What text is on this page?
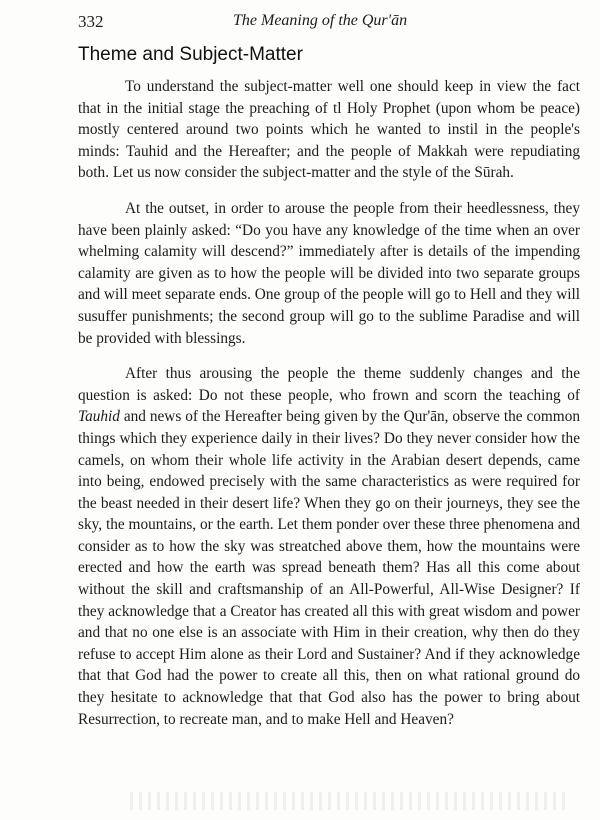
332	The Meaning of the Qur'ān
Theme and Subject-Matter

To understand the subject-matter well one should keep in view the fact that in the initial stage the preaching of tl Holy Prophet (upon whom be peace) mostly centered around two points which he wanted to instil in the people's minds: Tauhid and the Hereafter; and the people of Makkah were repudiating both. Let us now consider the subject-matter and the style of the Sūrah.

At the outset, in order to arouse the people from their heedlessness, they have been plainly asked: “Do you have any knowledge of the time when an over whelming calamity will descend?” immediately after is details of the impending calamity are given as to how the people will be divided into two separate groups and will meet separate ends. One group of the people will go to Hell and they will susuffer punishments; the second group will go to the sublime Paradise and will be provided with blessings.

After thus arousing the people the theme suddenly changes and the question is asked: Do not these people, who frown and scorn the teaching of Tauhid and news of the Hereafter being given by the Qur'ān, observe the common things which they experience daily in their lives? Do they never consider how the camels, on whom their whole life activity in the Arabian desert depends, came into being, endowed precisely with the same characteristics as were required for the beast needed in their desert life? When they go on their journeys, they see the sky, the mountains, or the earth. Let them ponder over these three phenomena and consider as to how the sky was streatched above them, how the mountains were erected and how the earth was spread beneath them? Has all this come about without the skill and craftsmanship of an All-Powerful, All-Wise Designer? If they acknowledge that a Creator has created all this with great wisdom and power and that no one else is an associate with Him in their creation, why then do they refuse to accept Him alone as their Lord and Sustainer? And if they acknowledge that that God had the power to create all this, then on what rational ground do they hesitate to acknowledge that that God also has the power to bring about Resurrection, to recreate man, and to make Hell and Heaven?
